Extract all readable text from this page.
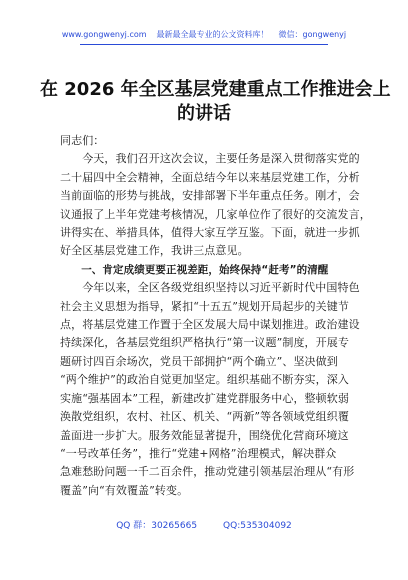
www.gongwenyj.com 最新最全最专业的公文资料库！ 微信：gongwenyj
在 2026 年全区基层党建重点工作推进会上
的讲话
同志们：
　　今天，我们召开这次会议，主要任务是深入贯彻落实党的
二十届四中全会精神，全面总结今年以来基层党建工作，分析
当前面临的形势与挑战，安排部署下半年重点任务。刚才，会
议通报了上半年党建考核情况，几家单位作了很好的交流发言，
讲得实在、举措具体，值得大家互学互鉴。下面，就进一步抓
好全区基层党建工作，我讲三点意见。
　　一、肯定成绩更要正视差距，始终保持“赶考”的清醒
　　今年以来，全区各级党组织坚持以习近平新时代中国特色
社会主义思想为指导，紧扣“十五五”规划开局起步的关键节
点，将基层党建工作置于全区发展大局中谋划推进。政治建设
持续深化，各基层党组织严格执行“第一议题”制度，开展专
题研讨四百余场次，党员干部拥护“两个确立”、坚决做到
“两个维护”的政治自觉更加坚定。组织基础不断夯实，深入
实施“强基固本”工程，新建改扩建党群服务中心，整顿软弱
涣散党组织，农村、社区、机关、“两新”等各领域党组织覆
盖面进一步扩大。服务效能显著提升，围绕优化营商环境这
“一号改革任务”，推行“党建+网格”治理模式，解决群众
急难愁盼问题一千二百余件，推动党建引领基层治理从“有形
覆盖”向“有效覆盖”转变。
QQ 群：30265665	QQ:535304092
